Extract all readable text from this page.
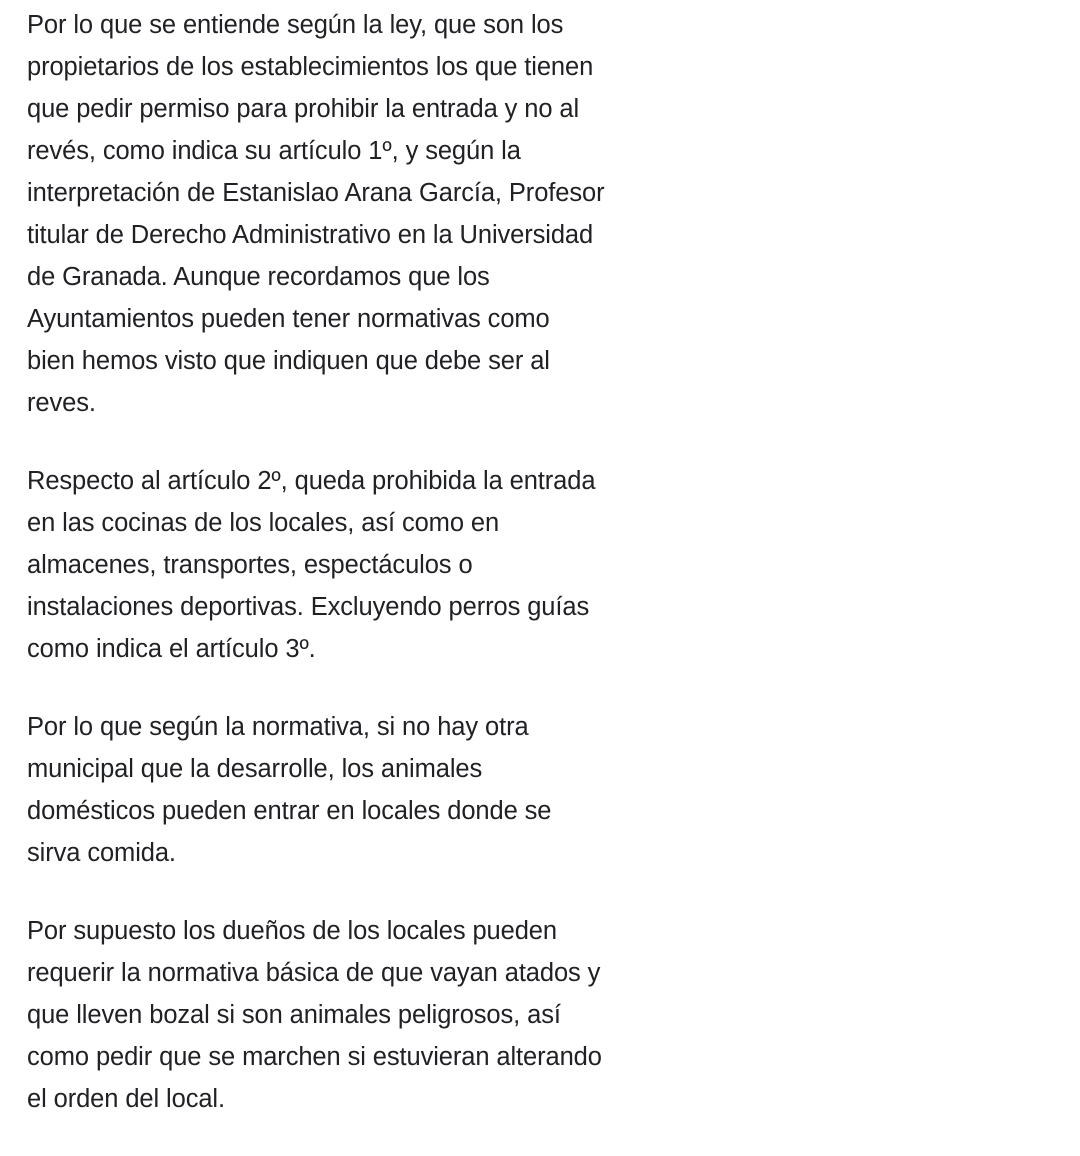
Por lo que se entiende según la ley, que son los
propietarios de los establecimientos los que tienen
que pedir permiso para prohibir la entrada y no al
revés, como indica su artículo 1º, y según la
interpretación de Estanislao Arana García, Profesor
titular de Derecho Administrativo en la Universidad
de Granada. Aunque recordamos que los
Ayuntamientos pueden tener normativas como
bien hemos visto que indiquen que debe ser al
reves.

Respecto al artículo 2º, queda prohibida la entrada
en las cocinas de los locales, así como en
almacenes, transportes, espectáculos o
instalaciones deportivas. Excluyendo perros guías
como indica el artículo 3º.

Por lo que según la normativa, si no hay otra
municipal que la desarrolle, los animales
domésticos pueden entrar en locales donde se
sirva comida.

Por supuesto los dueños de los locales pueden
requerir la normativa básica de que vayan atados y
que lleven bozal si son animales peligrosos, así
como pedir que se marchen si estuvieran alterando
el orden del local.
